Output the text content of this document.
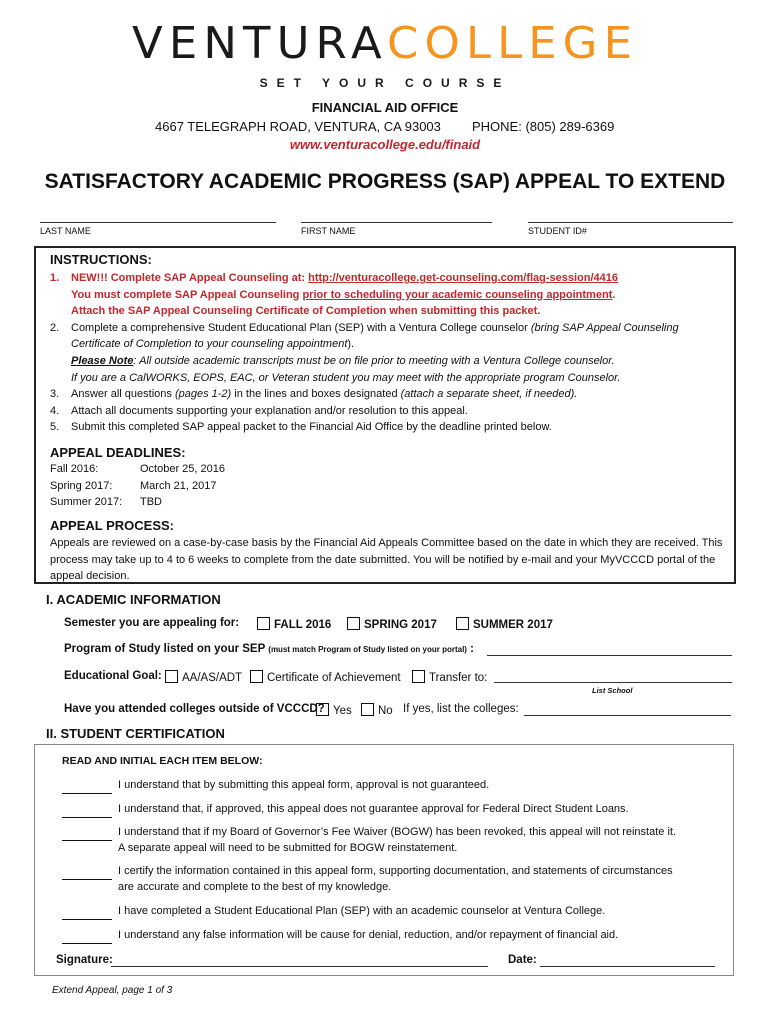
VENTURACOLLEGE
SET YOUR COURSE
FINANCIAL AID OFFICE
4667 TELEGRAPH ROAD, VENTURA, CA 93003 PHONE: (805) 289-6369
www.venturacollege.edu/finaid
SATISFACTORY ACADEMIC PROGRESS (SAP) APPEAL TO EXTEND
LAST NAME	FIRST NAME	STUDENT ID#
INSTRUCTIONS:
1. NEW!!! Complete SAP Appeal Counseling at: http://venturacollege.get-counseling.com/flag-session/4416
You must complete SAP Appeal Counseling prior to scheduling your academic counseling appointment.
Attach the SAP Appeal Counseling Certificate of Completion when submitting this packet.
2. Complete a comprehensive Student Educational Plan (SEP) with a Ventura College counselor (bring SAP Appeal Counseling
Certificate of Completion to your counseling appointment).
Please Note: All outside academic transcripts must be on file prior to meeting with a Ventura College counselor.
If you are a CalWORKS, EOPS, EAC, or Veteran student you may meet with the appropriate program Counselor.
3. Answer all questions (pages 1-2) in the lines and boxes designated (attach a separate sheet, if needed).
4. Attach all documents supporting your explanation and/or resolution to this appeal.
5. Submit this completed SAP appeal packet to the Financial Aid Office by the deadline printed below.
APPEAL DEADLINES:
Fall 2016:	October 25, 2016
Spring 2017:	March 21, 2017
Summer 2017: TBD
APPEAL PROCESS:
Appeals are reviewed on a case-by-case basis by the Financial Aid Appeals Committee based on the date in which they are received. This process may take up to 4 to 6 weeks to complete from the date submitted. You will be notified by e-mail and your MyVCCCD portal of the appeal decision.
I. ACADEMIC INFORMATION
Semester you are appealing for:	FALL 2016	SPRING 2017	SUMMER 2017
Program of Study listed on your SEP (must match Program of Study listed on your portal) :
Educational Goal:	AA/AS/ADT	Certificate of Achievement	Transfer to:
List School
Have you attended colleges outside of VCCCD? Yes	No If yes, list the colleges:
II. STUDENT CERTIFICATION
READ AND INITIAL EACH ITEM BELOW:
I understand that by submitting this appeal form, approval is not guaranteed.
I understand that, if approved, this appeal does not guarantee approval for Federal Direct Student Loans.
I understand that if my Board of Governor’s Fee Waiver (BOGW) has been revoked, this appeal will not reinstate it.
A separate appeal will need to be submitted for BOGW reinstatement.
I certify the information contained in this appeal form, supporting documentation, and statements of circumstances
are accurate and complete to the best of my knowledge.
I have completed a Student Educational Plan (SEP) with an academic counselor at Ventura College.
I understand any false information will be cause for denial, reduction, and/or repayment of financial aid.
Signature:	Date:
Extend Appeal, page 1 of 3
